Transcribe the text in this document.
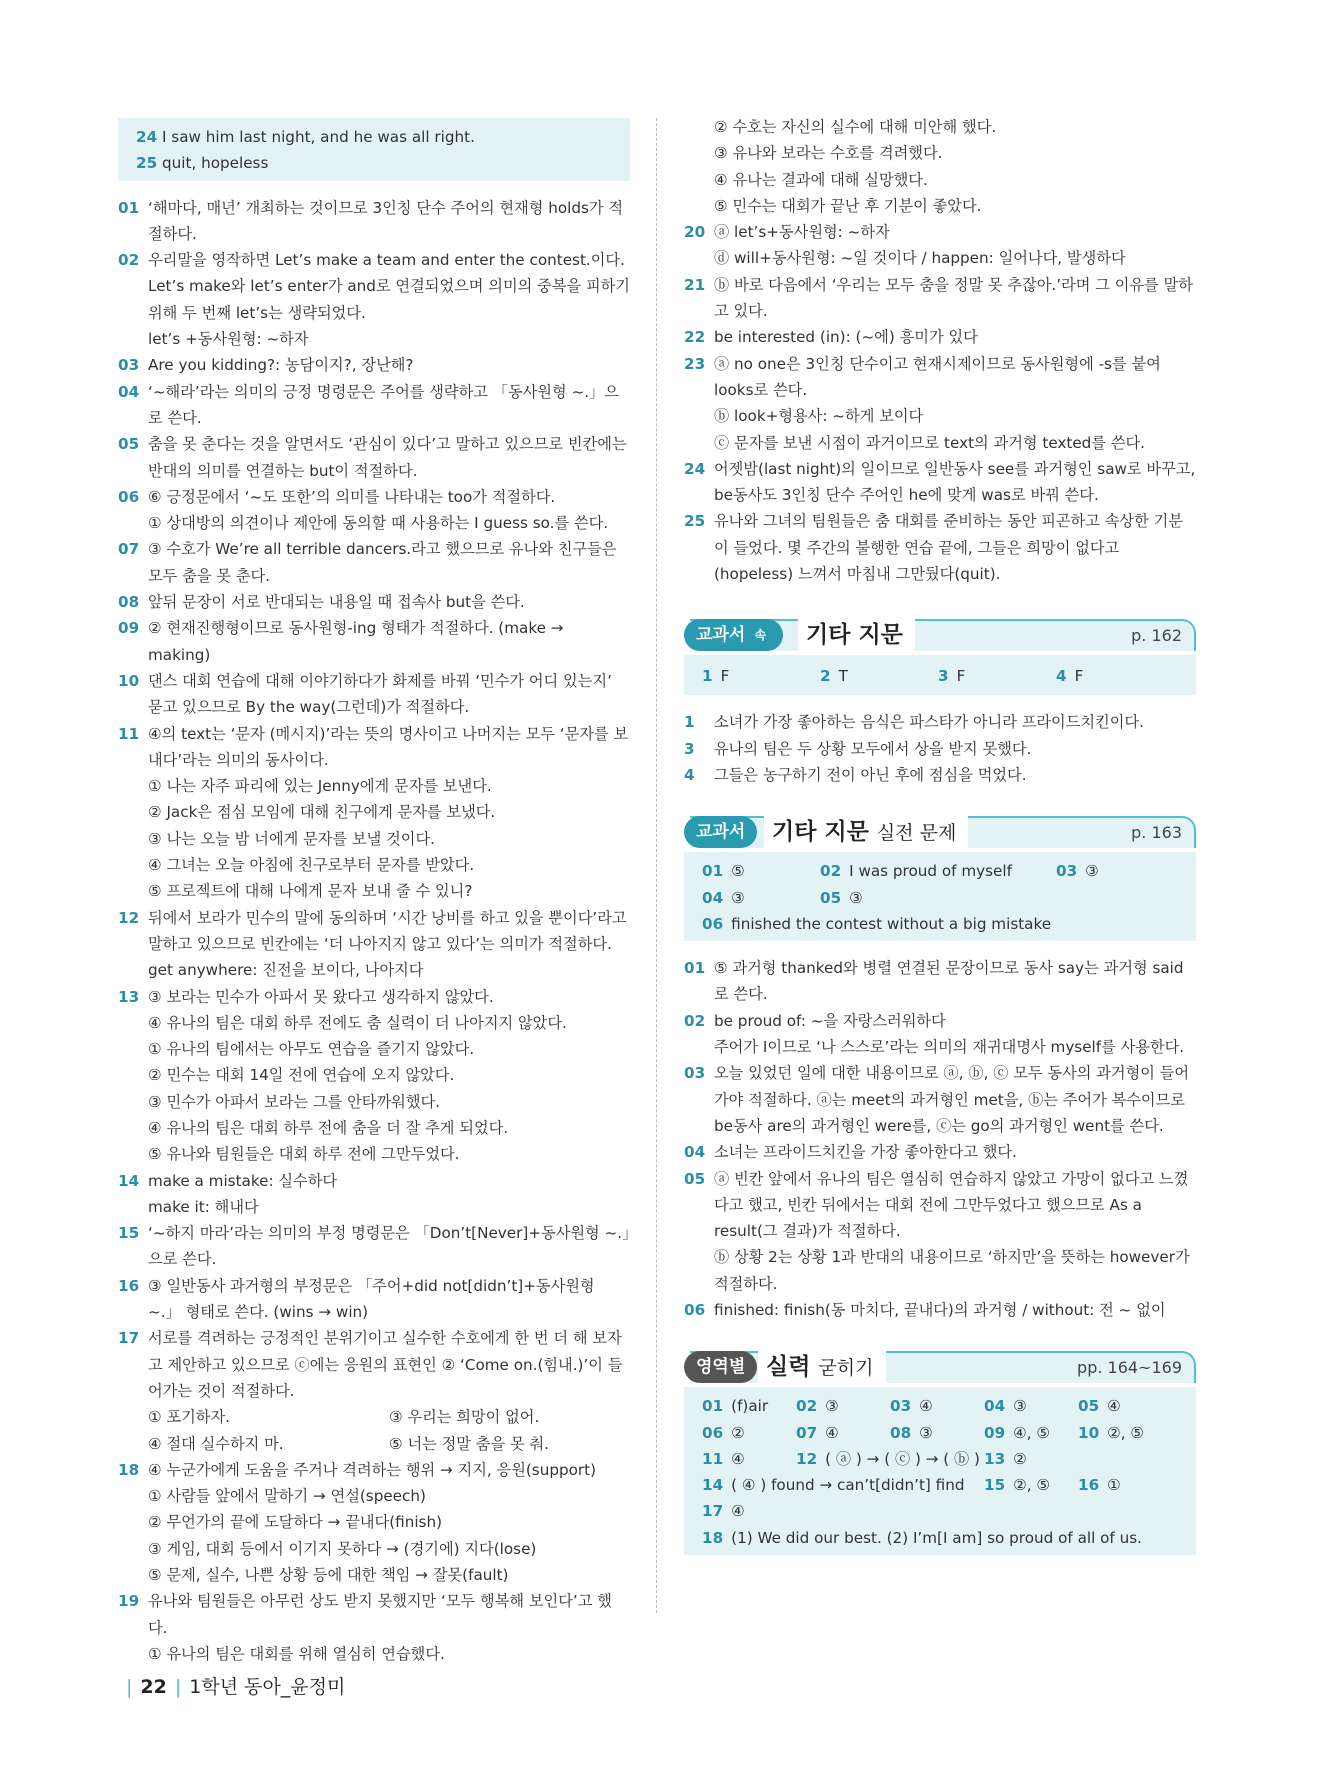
24 I saw him last night, and he was all right.
25 quit, hopeless
01 ‘해마다, 매년’ 개최하는 것이므로 3인칭 단수 주어의 현재형 holds가 적절하다.
02 우리말을 영작하면 Let’s make a team and enter the contest.이다. Let’s make와 let’s enter가 and로 연결되었으며 의미의 중복을 피하기 위해 두 번째 let’s는 생략되었다.
let’s +동사원형: ~하자
03 Are you kidding?: 농담이지?, 장난해?
04 ‘~해라’라는 의미의 긍정 명령문은 주어를 생략하고 「동사원형 ~.」으로 쓴다.
05 춤을 못 춘다는 것을 알면서도 ‘관심이 있다’고 말하고 있으므로 빈칸에는 반대의 의미를 연결하는 but이 적절하다.
06 ⑥ 긍정문에서 ‘~도 또한’의 의미를 나타내는 too가 적절하다.
① 상대방의 의견이나 제안에 동의할 때 사용하는 I guess so.를 쓴다.
07 ③ 수호가 We’re all terrible dancers.라고 했으므로 유나와 친구들은 모두 춤을 못 춘다.
08 앞뒤 문장이 서로 반대되는 내용일 때 접속사 but을 쓴다.
09 ② 현재진행형이므로 동사원형-ing 형태가 적절하다. (make → making)
10 댄스 대회 연습에 대해 이야기하다가 화제를 바꿔 ‘민수가 어디 있는지’ 묻고 있으므로 By the way(그런데)가 적절하다.
11 ④의 text는 ‘문자 (메시지)’라는 뜻의 명사이고 나머지는 모두 ‘문자를 보내다’라는 의미의 동사이다.
① 나는 자주 파리에 있는 Jenny에게 문자를 보낸다.
② Jack은 점심 모임에 대해 친구에게 문자를 보냈다.
③ 나는 오늘 밤 너에게 문자를 보낼 것이다.
④ 그녀는 오늘 아침에 친구로부터 문자를 받았다.
⑤ 프로젝트에 대해 나에게 문자 보내 줄 수 있니?
12 뒤에서 보라가 민수의 말에 동의하며 ‘시간 낭비를 하고 있을 뿐이다’라고 말하고 있으므로 빈칸에는 ‘더 나아지지 않고 있다’는 의미가 적절하다.
get anywhere: 진전을 보이다, 나아지다
13 ③ 보라는 민수가 아파서 못 왔다고 생각하지 않았다.
④ 유나의 팀은 대회 하루 전에도 춤 실력이 더 나아지지 않았다.
① 유나의 팀에서는 아무도 연습을 즐기지 않았다.
② 민수는 대회 14일 전에 연습에 오지 않았다.
③ 민수가 아파서 보라는 그를 안타까워했다.
④ 유나의 팀은 대회 하루 전에 춤을 더 잘 추게 되었다.
⑤ 유나와 팀원들은 대회 하루 전에 그만두었다.
14 make a mistake: 실수하다
make it: 해내다
15 ‘~하지 마라’라는 의미의 부정 명령문은 「Don’t[Never]+동사원형 ~.」으로 쓴다.
16 ③ 일반동사 과거형의 부정문은 「주어+did not[didn’t]+동사원형 ~.」 형태로 쓴다. (wins → win)
17 서로를 격려하는 긍정적인 분위기이고 실수한 수호에게 한 번 더 해 보자고 제안하고 있으므로 ⓒ에는 응원의 표현인 ② ‘Come on.(힘내.)’이 들어가는 것이 적절하다.
① 포기하자.	③ 우리는 희망이 없어.
④ 절대 실수하지 마.	⑤ 너는 정말 춤을 못 춰.
18 ④ 누군가에게 도움을 주거나 격려하는 행위 → 지지, 응원(support)
① 사람들 앞에서 말하기 → 연설(speech)
② 무언가의 끝에 도달하다 → 끝내다(finish)
③ 게임, 대회 등에서 이기지 못하다 → (경기에) 지다(lose)
⑤ 문제, 실수, 나쁜 상황 등에 대한 책임 → 잘못(fault)
19 유나와 팀원들은 아무런 상도 받지 못했지만 ‘모두 행복해 보인다’고 했다.
① 유나의 팀은 대회를 위해 열심히 연습했다.
② 수호는 자신의 실수에 대해 미안해 했다.
③ 유나와 보라는 수호를 격려했다.
④ 유나는 결과에 대해 실망했다.
⑤ 민수는 대회가 끝난 후 기분이 좋았다.
20 ⓐ let’s+동사원형: ~하자
ⓓ will+동사원형: ~일 것이다 / happen: 일어나다, 발생하다
21 ⓑ 바로 다음에서 ‘우리는 모두 춤을 정말 못 추잖아.’라며 그 이유를 말하고 있다.
22 be interested (in): (~에) 흥미가 있다
23 ⓐ no one은 3인칭 단수이고 현재시제이므로 동사원형에 -s를 붙여 looks로 쓴다.
ⓑ look+형용사: ~하게 보이다
ⓒ 문자를 보낸 시점이 과거이므로 text의 과거형 texted를 쓴다.
24 어젯밤(last night)의 일이므로 일반동사 see를 과거형인 saw로 바꾸고, be동사도 3인칭 단수 주어인 he에 맞게 was로 바꿔 쓴다.
25 유나와 그녀의 팀원들은 춤 대회를 준비하는 동안 피곤하고 속상한 기분이 들었다. 몇 주간의 불행한 연습 끝에, 그들은 희망이 없다고(hopeless) 느껴서 마침내 그만뒀다(quit).
교과서 속	기타 지문	p. 162
1 F	2 T	3 F	4 F
1	소녀가 가장 좋아하는 음식은 파스타가 아니라 프라이드치킨이다.
3	유나의 팀은 두 상황 모두에서 상을 받지 못했다.
4	그들은 농구하기 전이 아닌 후에 점심을 먹었다.
교과서	기타 지문 실전 문제	p. 163
01 ⑤	02 I was proud of myself	03 ③
04 ③	05 ③
06 finished the contest without a big mistake
01 ⑤ 과거형 thanked와 병렬 연결된 문장이므로 동사 say는 과거형 said로 쓴다.
02 be proud of: ~을 자랑스러워하다
주어가 I이므로 ‘나 스스로’라는 의미의 재귀대명사 myself를 사용한다.
03 오늘 있었던 일에 대한 내용이므로 ⓐ, ⓑ, ⓒ 모두 동사의 과거형이 들어가야 적절하다. ⓐ는 meet의 과거형인 met을, ⓑ는 주어가 복수이므로 be동사 are의 과거형인 were를, ⓒ는 go의 과거형인 went를 쓴다.
04 소녀는 프라이드치킨을 가장 좋아한다고 했다.
05 ⓐ 빈칸 앞에서 유나의 팀은 열심히 연습하지 않았고 가망이 없다고 느꼈다고 했고, 빈칸 뒤에서는 대회 전에 그만두었다고 했으므로 As a result(그 결과)가 적절하다.
ⓑ 상황 2는 상황 1과 반대의 내용이므로 ‘하지만’을 뜻하는 however가 적절하다.
06 finished: finish(동 마치다, 끝내다)의 과거형 / without: 전 ~ 없이
영역별 실력 굳히기	pp. 164~169
01 (f)air	02 ③	03 ④	04 ③	05 ④
06 ②	07 ④	08 ③	09 ④, ⑤	10 ②, ⑤
11 ④	12 ( ⓐ ) → ( ⓒ ) → ( ⓑ ) 13 ②
14 ( ④ ) found → can’t[didn’t] find	15 ②, ⑤	16 ①
17 ④
18 (1) We did our best. (2) I’m[I am] so proud of all of us.
| 22 | 1학년 동아_윤정미
